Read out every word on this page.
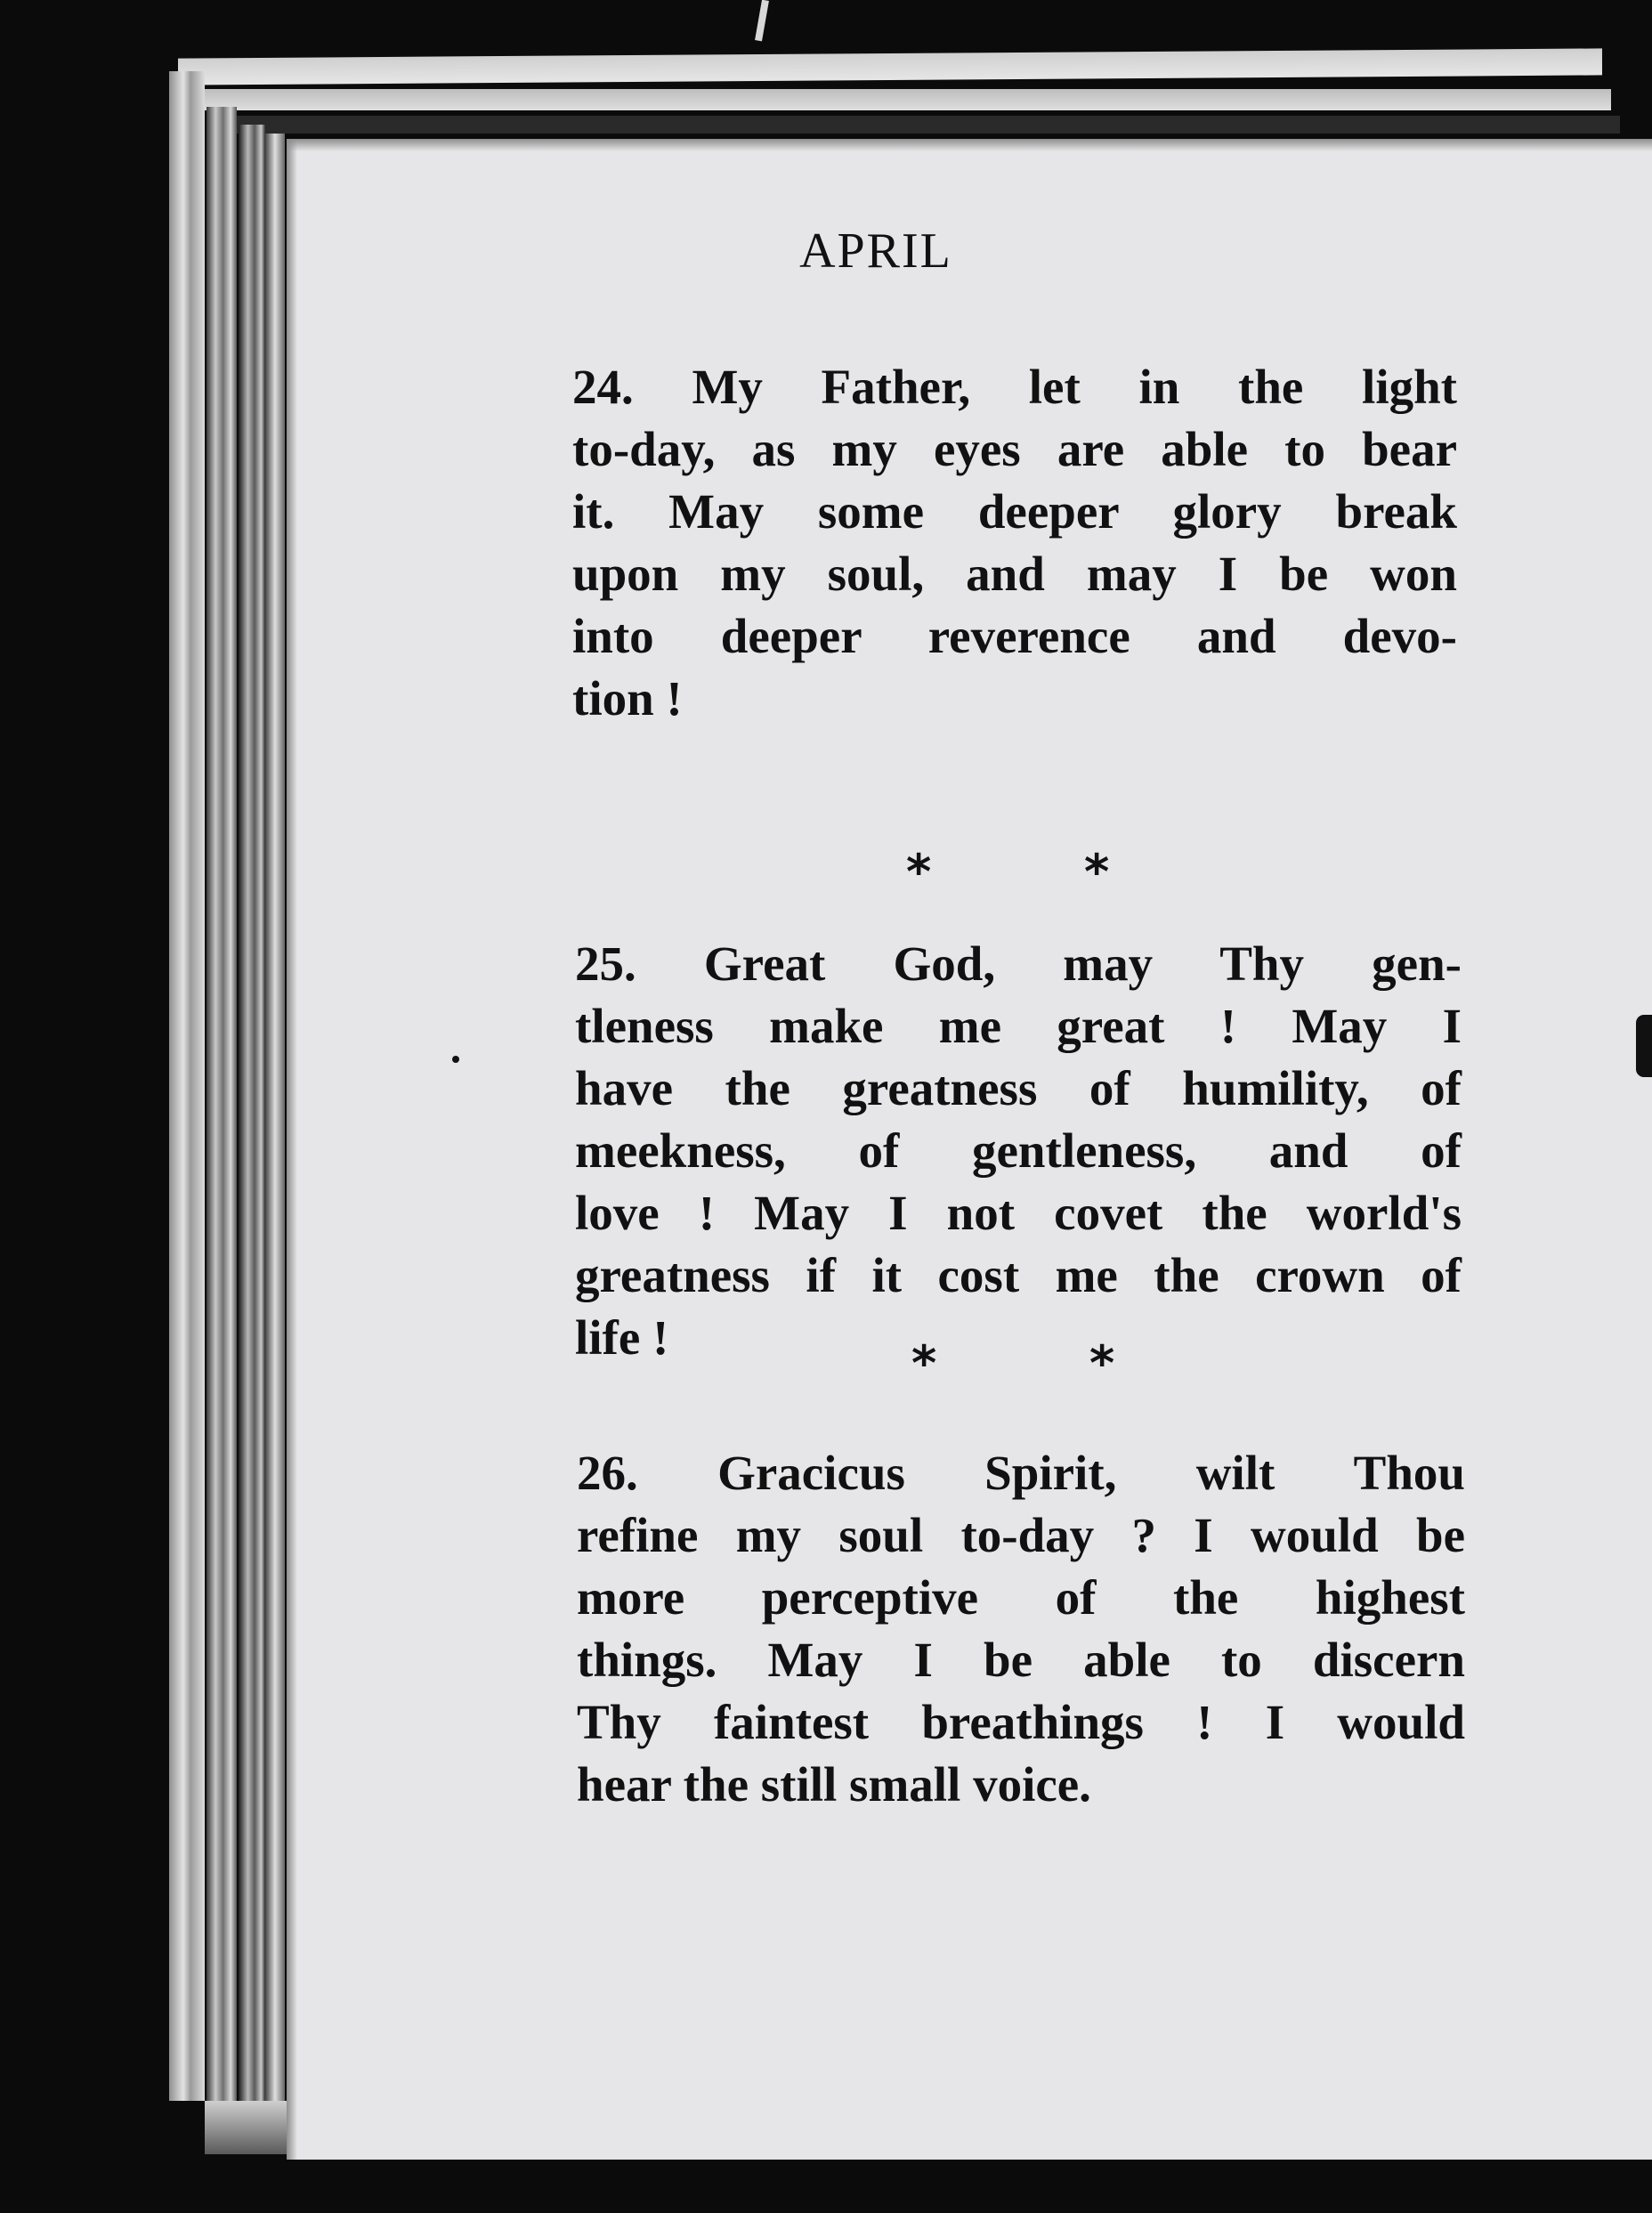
APRIL
24. My Father, let in the light
to-day, as my eyes are able to bear
it. May some deeper glory break
upon my soul, and may I be won
into deeper reverence and devo-
tion !
*	*
25. Great God, may Thy gen-
tleness make me great ! May I
have the greatness of humility, of
meekness, of gentleness, and of
love ! May I not covet the world's
greatness if it cost me the crown of
life !	*	*
26. Gracicus Spirit, wilt Thou
refine my soul to-day ? I would be
more perceptive of the highest
things. May I be able to discern
Thy faintest breathings ! I would
hear the still small voice.
